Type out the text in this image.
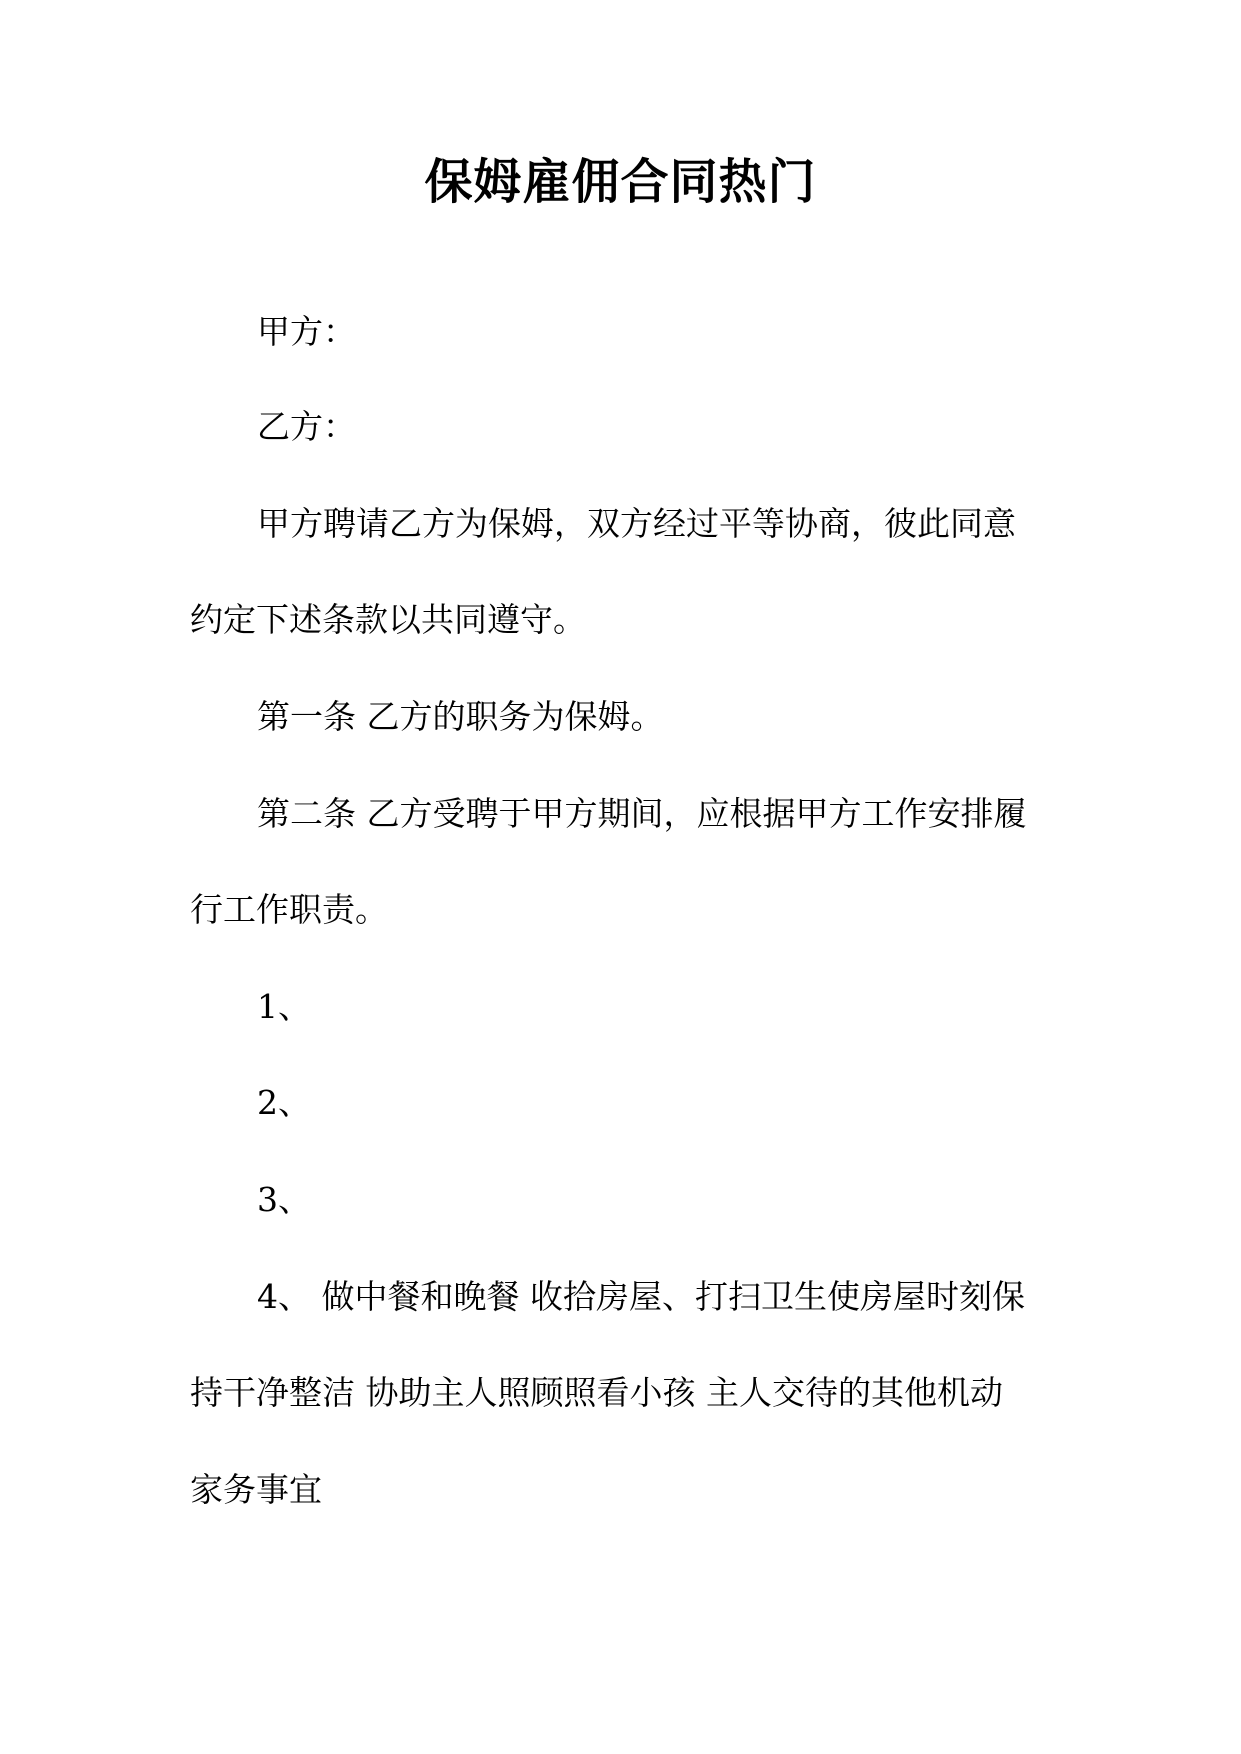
保姆雇佣合同热门
甲方：
乙方：
甲方聘请乙方为保姆，双方经过平等协商，彼此同意
约定下述条款以共同遵守。
第一条 乙方的职务为保姆。
第二条 乙方受聘于甲方期间，应根据甲方工作安排履
行工作职责。
1、
2、
3、
4、 做中餐和晚餐 收拾房屋、打扫卫生使房屋时刻保
持干净整洁 协助主人照顾照看小孩 主人交待的其他机动
家务事宜
